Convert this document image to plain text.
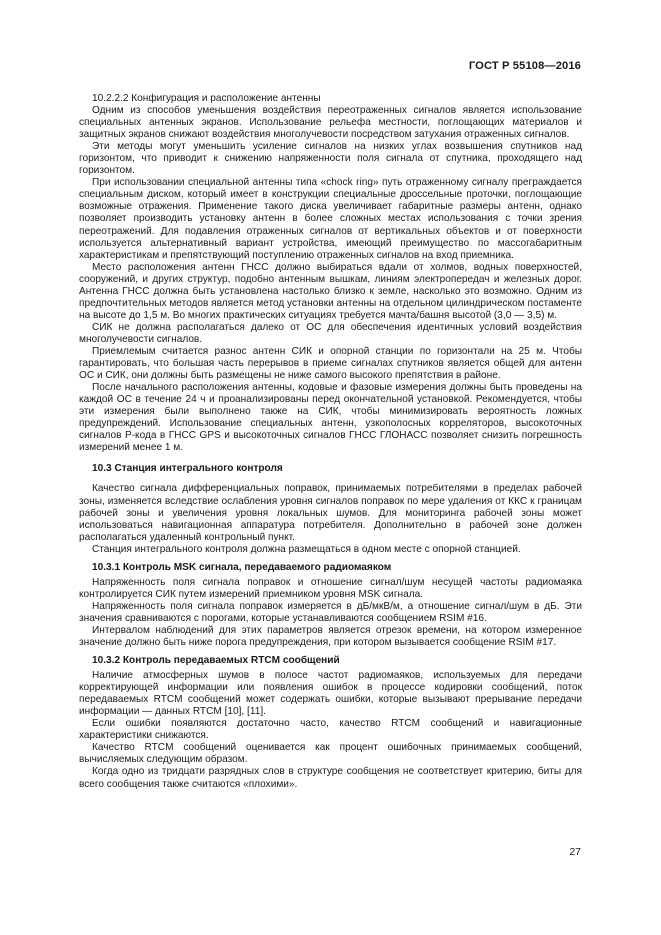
ГОСТ Р 55108—2016

10.2.2.2 Конфигурация и расположение антенны

Одним из способов уменьшения воздействия переотраженных сигналов является использование специальных антенных экранов. Использование рельефа местности, поглощающих материалов и защитных экранов снижают воздействия многолучевости посредством затухания отраженных сигналов.

Эти методы могут уменьшить усиление сигналов на низких углах возвышения спутников над горизонтом, что приводит к снижению напряженности поля сигнала от спутника, проходящего над горизонтом.

При использовании специальной антенны типа «chock ring» путь отраженному сигналу преграждается специальным диском, который имеет в конструкции специальные дроссельные проточки, поглощающие возможные отражения. Применение такого диска увеличивает габаритные размеры антенн, однако позволяет производить установку антенн в более сложных местах использования с точки зрения переотражений. Для подавления отраженных сигналов от вертикальных объектов и от поверхности используется альтернативный вариант устройства, имеющий преимущество по массогабаритным характеристикам и препятствующий поступлению отраженных сигналов на вход приемника.

Место расположения антенн ГНСС должно выбираться вдали от холмов, водных поверхностей, сооружений, и других структур, подобно антенным вышкам, линиям электропередач и железных дорог. Антенна ГНСС должна быть установлена настолько близко к земле, насколько это возможно. Одним из предпочтительных методов является метод установки антенны на отдельном цилиндрическом постаменте на высоте до 1,5 м. Во многих практических ситуациях требуется мачта/башня высотой (3,0 — 3,5) м.

СИК не должна располагаться далеко от ОС для обеспечения идентичных условий воздействия многолучевости сигналов.

Приемлемым считается разнос антенн СИК и опорной станции по горизонтали на 25 м. Чтобы гарантировать, что большая часть перерывов в приеме сигналах спутников является общей для антенн ОС и СИК, они должны быть размещены не ниже самого высокого препятствия в районе.

После начального расположения антенны, кодовые и фазовые измерения должны быть проведены на каждой ОС в течение 24 ч и проанализированы перед окончательной установкой. Рекомендуется, чтобы эти измерения были выполнено также на СИК, чтобы минимизировать вероятность ложных предупреждений. Использование специальных антенн, узкополосных корреляторов, высокоточных сигналов Р-кода в ГНСС GPS и высокоточных сигналов ГНСС ГЛОНАСС позволяет снизить погрешность измерений менее 1 м.

10.3 Станция интегрального контроля

Качество сигнала дифференциальных поправок, принимаемых потребителями в пределах рабочей зоны, изменяется вследствие ослабления уровня сигналов поправок по мере удаления от ККС к границам рабочей зоны и увеличения уровня локальных шумов. Для мониторинга рабочей зоны может использоваться навигационная аппаратура потребителя. Дополнительно в рабочей зоне должен располагаться удаленный контрольный пункт.

Станция интегрального контроля должна размещаться в одном месте с опорной станцией.

10.3.1 Контроль MSK сигнала, передаваемого радиомаяком

Напряженность поля сигнала поправок и отношение сигнал/шум несущей частоты радиомаяка контролируется СИК путем измерений приемником уровня MSK сигнала.

Напряженность поля сигнала поправок измеряется в дБ/мкВ/м, а отношение сигнал/шум в дБ. Эти значения сравниваются с порогами, которые устанавливаются сообщением RSIM #16.

Интервалом наблюдений для этих параметров является отрезок времени, на котором измеренное значение должно быть ниже порога предупреждения, при котором вызывается сообщение RSIM #17.

10.3.2 Контроль передаваемых RTCM сообщений

Наличие атмосферных шумов в полосе частот радиомаяков, используемых для передачи корректирующей информации или появления ошибок в процессе кодировки сообщений, поток передаваемых RTCM сообщений может содержать ошибки, которые вызывают прерывание передачи информации — данных RTCM [10], [11].

Если ошибки появляются достаточно часто, качество RTCM сообщений и навигационные характеристики снижаются.

Качество RTCM сообщений оценивается как процент ошибочных принимаемых сообщений, вычисляемых следующим образом.

Когда одно из тридцати разрядных слов в структуре сообщения не соответствует критерию, биты для всего сообщения также считаются «плохими».

27
